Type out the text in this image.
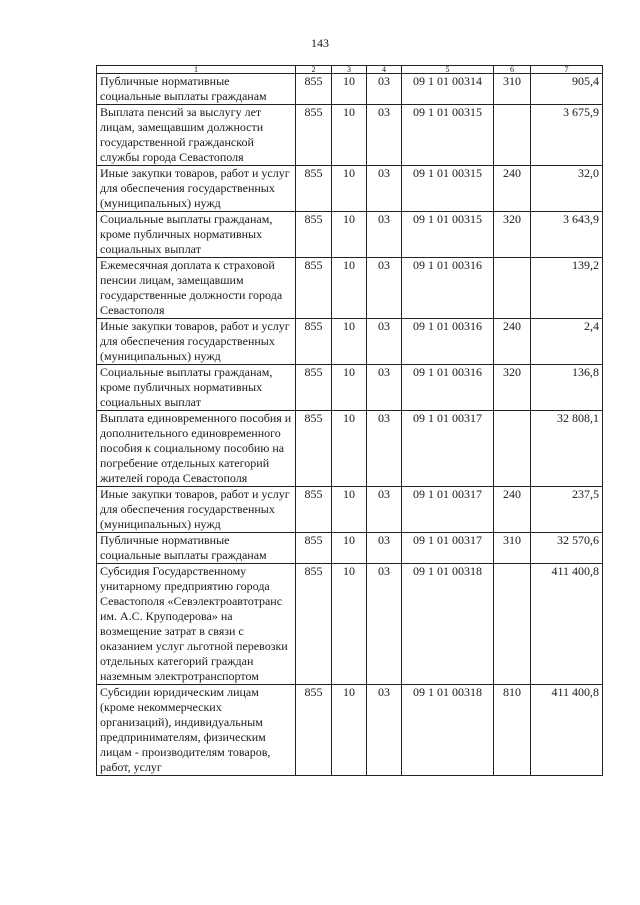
143
1	2	3	4	5	6	7
Публичные нормативные социальные выплаты гражданам	855	10	03	09 1 01 00314	310	905,4
Выплата пенсий за выслугу лет лицам, замещавшим должности государственной гражданской службы города Севастополя	855	10	03	09 1 01 00315		3 675,9
Иные закупки товаров, работ и услуг для обеспечения государственных (муниципальных) нужд	855	10	03	09 1 01 00315	240	32,0
Социальные выплаты гражданам, кроме публичных нормативных социальных выплат	855	10	03	09 1 01 00315	320	3 643,9
Ежемесячная доплата к страховой пенсии лицам, замещавшим государственные должности города Севастополя	855	10	03	09 1 01 00316		139,2
Иные закупки товаров, работ и услуг для обеспечения государственных (муниципальных) нужд	855	10	03	09 1 01 00316	240	2,4
Социальные выплаты гражданам, кроме публичных нормативных социальных выплат	855	10	03	09 1 01 00316	320	136,8
Выплата единовременного пособия и дополнительного единовременного пособия к социальному пособию на погребение отдельных категорий жителей города Севастополя	855	10	03	09 1 01 00317		32 808,1
Иные закупки товаров, работ и услуг для обеспечения государственных (муниципальных) нужд	855	10	03	09 1 01 00317	240	237,5
Публичные нормативные социальные выплаты гражданам	855	10	03	09 1 01 00317	310	32 570,6
Субсидия Государственному унитарному предприятию города Севастополя «Севэлектроавтотранс им. А.С. Круподерова» на возмещение затрат в связи с оказанием услуг льготной перевозки отдельных категорий граждан наземным электротранспортом	855	10	03	09 1 01 00318		411 400,8
Субсидии юридическим лицам (кроме некоммерческих организаций), индивидуальным предпринимателям, физическим лицам - производителям товаров, работ, услуг	855	10	03	09 1 01 00318	810	411 400,8
